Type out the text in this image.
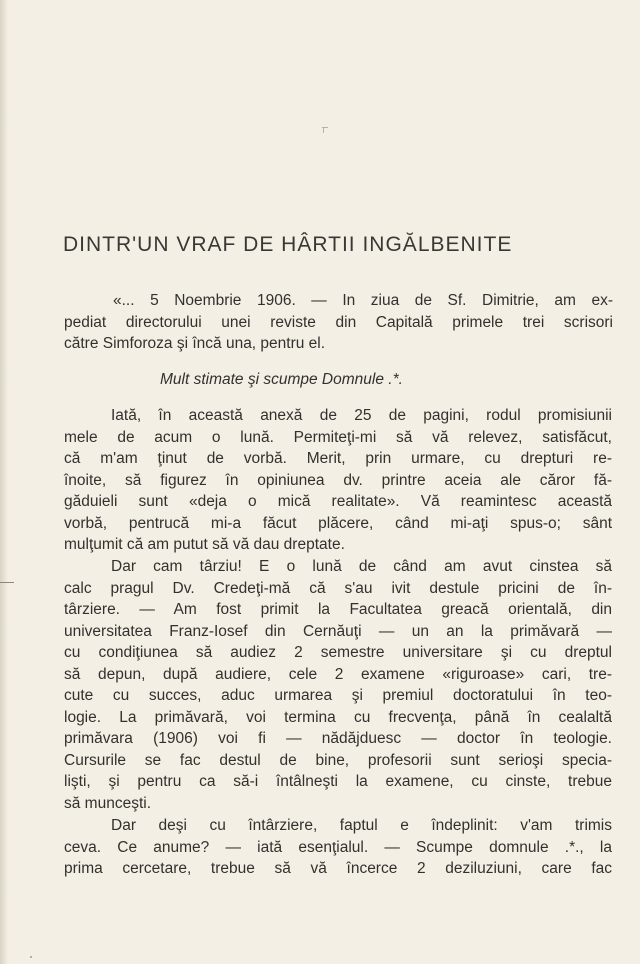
DINTR'UN VRAF DE HÂRTII INGĂLBENITE
«... 5 Noembrie 1906. — In ziua de Sf. Dimitrie, am ex-
pediat directorului unei reviste din Capitală primele trei scrisori
către Simforoza şi încă una, pentru el.
Mult stimate şi scumpe Domnule .*.
Iată, în această anexă de 25 de pagini, rodul promisiunii
mele de acum o lună. Permiteţi-mi să vă relevez, satisfăcut,
că m'am ţinut de vorbă. Merit, prin urmare, cu drepturi re-
înoite, să figurez în opiniunea dv. printre aceia ale căror fă-
găduieli sunt «deja o mică realitate». Vă reamintesc această
vorbă, pentrucă mi-a făcut plăcere, când mi-aţi spus-o; sânt
mulţumit că am putut să vă dau dreptate.
Dar cam târziu! E o lună de când am avut cinstea să
calc pragul Dv. Credeţi-mă că s'au ivit destule pricini de în-
târziere. — Am fost primit la Facultatea greacă orientală, din
universitatea Franz-Iosef din Cernăuţi — un an la primăvară —
cu condiţiunea să audiez 2 semestre universitare şi cu dreptul
să depun, după audiere, cele 2 examene «riguroase» cari, tre-
cute cu succes, aduc urmarea şi premiul doctoratului în teo-
logie. La primăvară, voi termina cu frecvenţa, până în cealaltă
primăvara (1906) voi fi — nădăjduesc — doctor în teologie.
Cursurile se fac destul de bine, profesorii sunt serioşi specia-
lişti, şi pentru ca să-i întâlneşti la examene, cu cinste, trebue
să munceşti.
Dar deşi cu întârziere, faptul e îndeplinit: v'am trimis
ceva. Ce anume? — iată esenţialul. — Scumpe domnule .*., la
prima cercetare, trebue să vă încerce 2 deziluziuni, care fac
